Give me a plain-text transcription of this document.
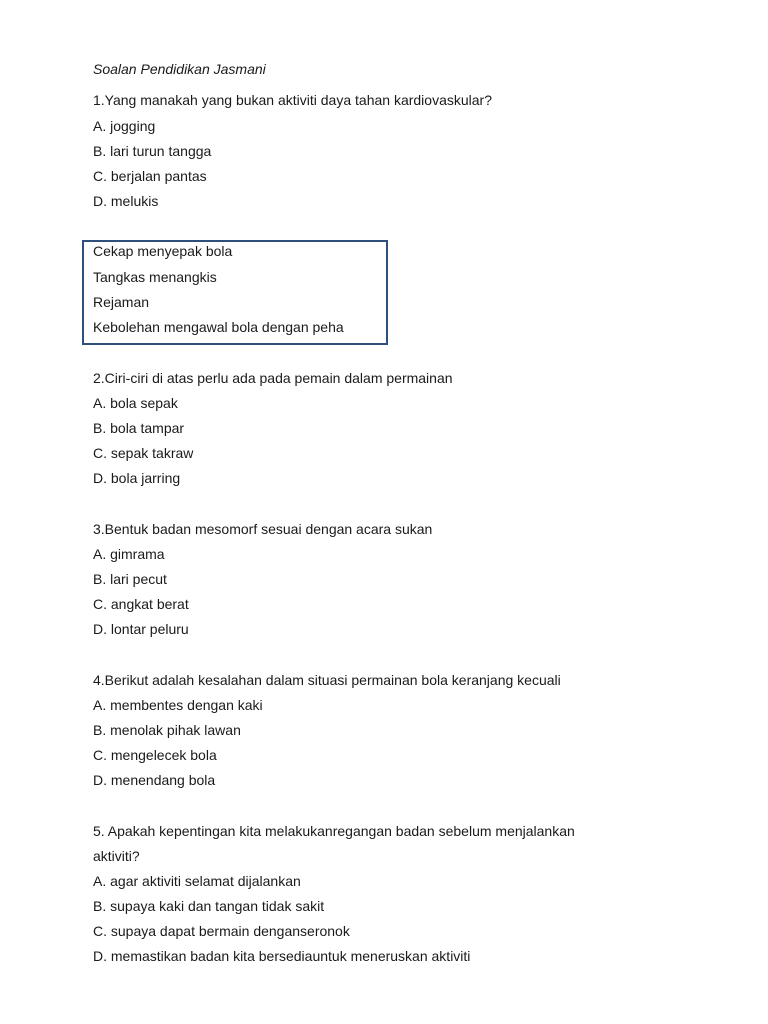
Soalan Pendidikan Jasmani
1.Yang manakah yang bukan aktiviti daya tahan kardiovaskular?
A. jogging
B. lari turun tangga
C. berjalan pantas
D. melukis
Cekap menyepak bola
Tangkas menangkis
Rejaman
Kebolehan mengawal bola dengan peha
2.Ciri-ciri di atas perlu ada pada pemain dalam permainan
A. bola sepak
B. bola tampar
C. sepak takraw
D. bola jarring
3.Bentuk badan mesomorf sesuai dengan acara sukan
A. gimrama
B. lari pecut
C. angkat berat
D. lontar peluru
4.Berikut adalah kesalahan dalam situasi permainan bola keranjang kecuali
A. membentes dengan kaki
B. menolak pihak lawan
C. mengelecek bola
D. menendang bola
5. Apakah kepentingan kita melakukanregangan badan sebelum menjalankan
aktiviti?
A. agar aktiviti selamat dijalankan
B. supaya kaki dan tangan tidak sakit
C. supaya dapat bermain denganseronok
D. memastikan badan kita bersediauntuk meneruskan aktiviti
